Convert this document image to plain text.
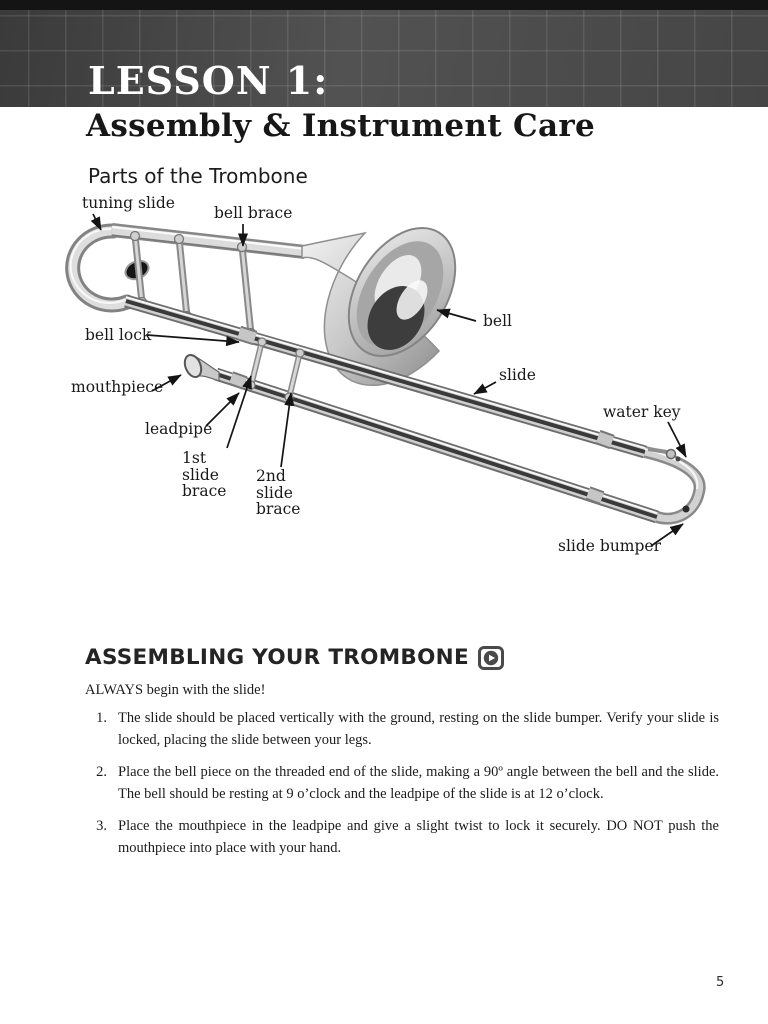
LESSON 1:
Assembly & Instrument Care
Parts of the Trombone
tuning slide
bell brace
bell lock
mouthpiece
leadpipe
1st slide brace
2nd slide brace
bell
slide
water key
slide bumper
ASSEMBLING YOUR TROMBONE
ALWAYS begin with the slide!
1. The slide should be placed vertically with the ground, resting on the slide bumper. Verify your slide is locked, placing the slide between your legs.
2. Place the bell piece on the threaded end of the slide, making a 90º angle between the bell and the slide. The bell should be resting at 9 o’clock and the leadpipe of the slide is at 12 o’clock.
3. Place the mouthpiece in the leadpipe and give a slight twist to lock it securely. DO NOT push the mouthpiece into place with your hand.
5
